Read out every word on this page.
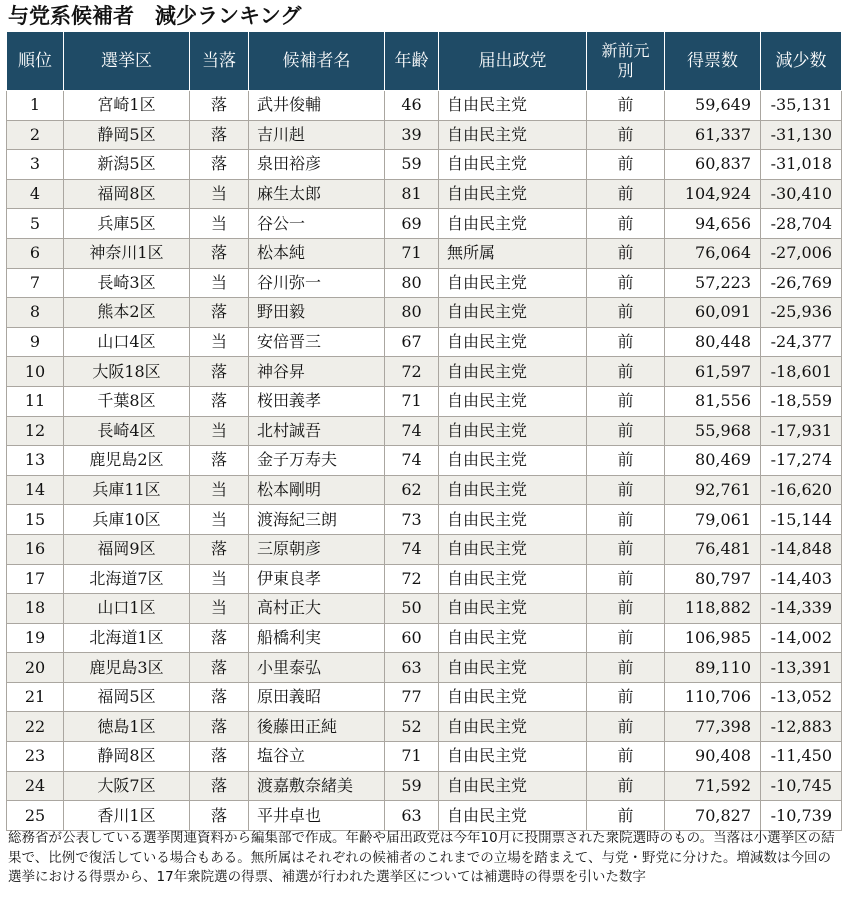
与党系候補者　減少ランキング
順位	選挙区	当落	候補者名	年齢	届出政党	新前元別	得票数	減少数
1	宮崎1区	落	武井俊輔	46	自由民主党	前	59,649	-35,131
2	静岡5区	落	吉川赳	39	自由民主党	前	61,337	-31,130
3	新潟5区	落	泉田裕彦	59	自由民主党	前	60,837	-31,018
4	福岡8区	当	麻生太郎	81	自由民主党	前	104,924	-30,410
5	兵庫5区	当	谷公一	69	自由民主党	前	94,656	-28,704
6	神奈川1区	落	松本純	71	無所属	前	76,064	-27,006
7	長崎3区	当	谷川弥一	80	自由民主党	前	57,223	-26,769
8	熊本2区	落	野田毅	80	自由民主党	前	60,091	-25,936
9	山口4区	当	安倍晋三	67	自由民主党	前	80,448	-24,377
10	大阪18区	落	神谷昇	72	自由民主党	前	61,597	-18,601
11	千葉8区	落	桜田義孝	71	自由民主党	前	81,556	-18,559
12	長崎4区	当	北村誠吾	74	自由民主党	前	55,968	-17,931
13	鹿児島2区	落	金子万寿夫	74	自由民主党	前	80,469	-17,274
14	兵庫11区	当	松本剛明	62	自由民主党	前	92,761	-16,620
15	兵庫10区	当	渡海紀三朗	73	自由民主党	前	79,061	-15,144
16	福岡9区	落	三原朝彦	74	自由民主党	前	76,481	-14,848
17	北海道7区	当	伊東良孝	72	自由民主党	前	80,797	-14,403
18	山口1区	当	高村正大	50	自由民主党	前	118,882	-14,339
19	北海道1区	落	船橋利実	60	自由民主党	前	106,985	-14,002
20	鹿児島3区	落	小里泰弘	63	自由民主党	前	89,110	-13,391
21	福岡5区	落	原田義昭	77	自由民主党	前	110,706	-13,052
22	徳島1区	落	後藤田正純	52	自由民主党	前	77,398	-12,883
23	静岡8区	落	塩谷立	71	自由民主党	前	90,408	-11,450
24	大阪7区	落	渡嘉敷奈緒美	59	自由民主党	前	71,592	-10,745
25	香川1区	落	平井卓也	63	自由民主党	前	70,827	-10,739
総務省が公表している選挙関連資料から編集部で作成。年齢や届出政党は今年10月に投開票された衆院選時のもの。当落は小選挙区の結果で、比例で復活している場合もある。無所属はそれぞれの候補者のこれまでの立場を踏まえて、与党・野党に分けた。増減数は今回の選挙における得票から、17年衆院選の得票、補選が行われた選挙区については補選時の得票を引いた数字
